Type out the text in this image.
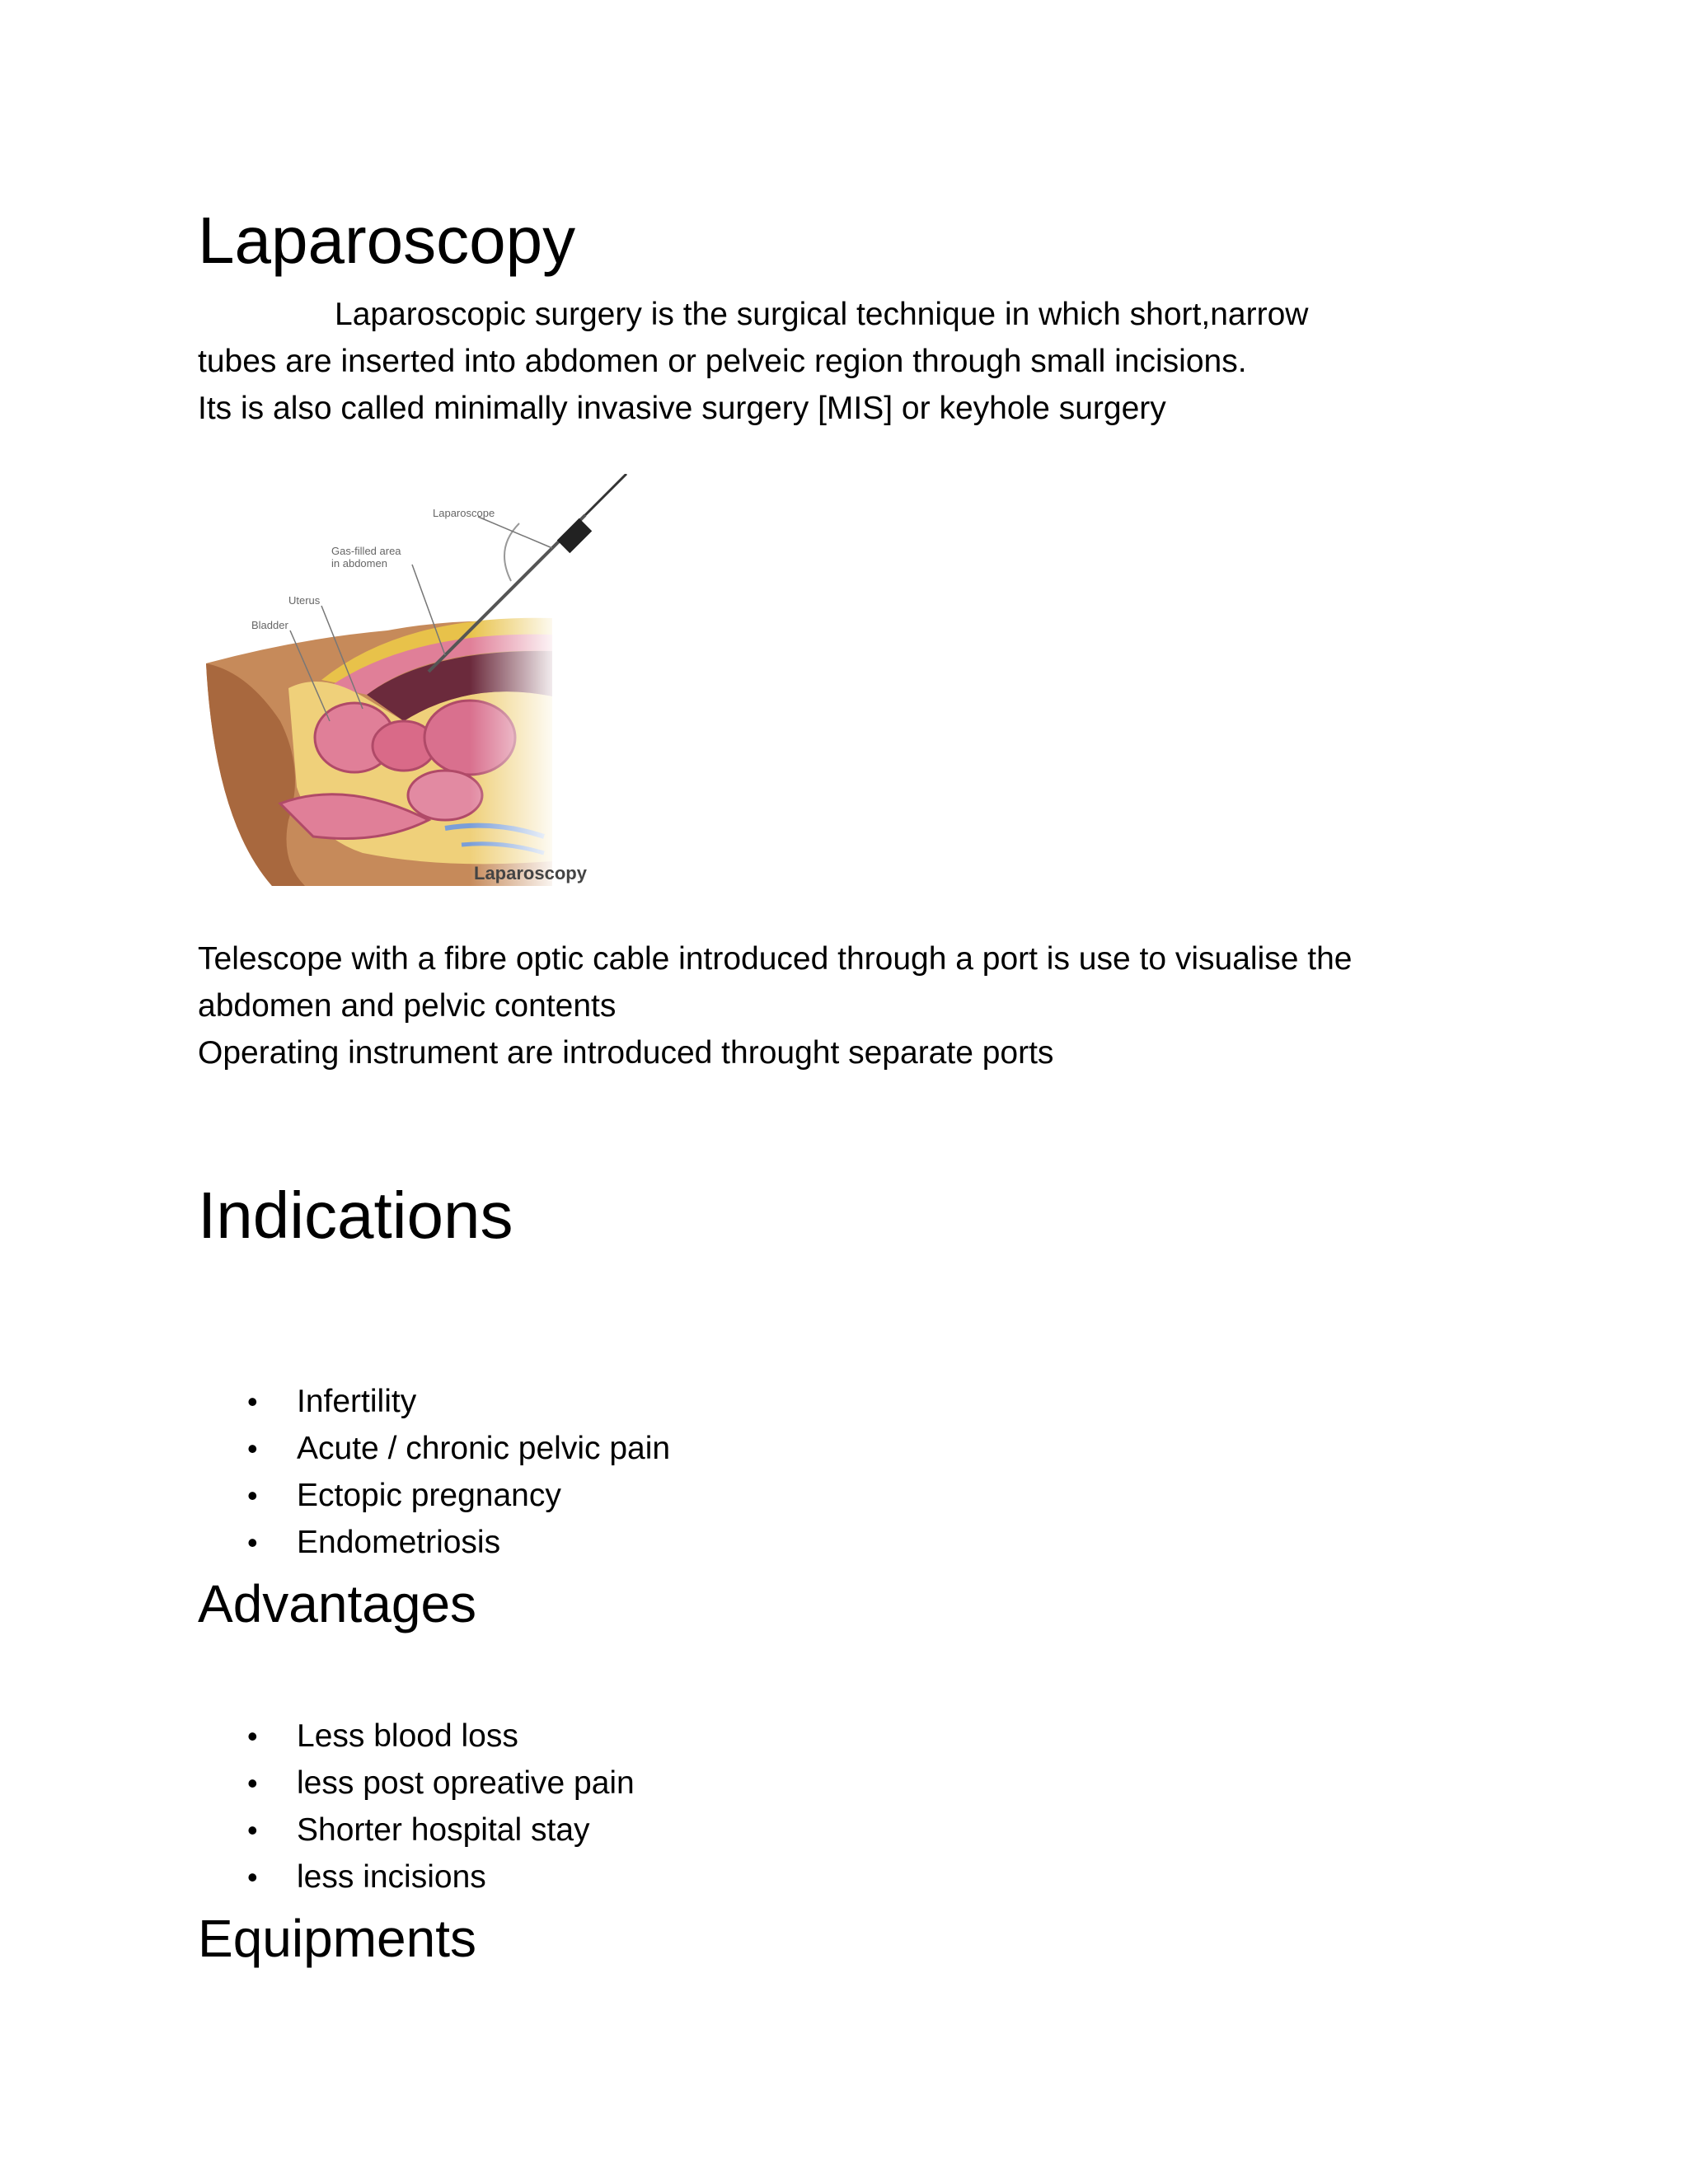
Laparoscopy
Laparoscopic surgery is the surgical technique in which short,narrow
tubes are inserted into abdomen or pelveic region through small incisions.
Its is also called minimally invasive surgery [MIS] or keyhole surgery
Laparoscope
Gas-filled area
in abdomen
Uterus
Bladder
Laparoscopy
Telescope with a fibre optic cable introduced through a port is use to visualise the
abdomen and pelvic contents
Operating instrument are introduced throught separate ports
Indications
•	Infertility
•	Acute / chronic pelvic pain
•	Ectopic pregnancy
•	Endometriosis
Advantages
•	Less blood loss
•	less post opreative pain
•	Shorter hospital stay
•	less incisions
Equipments
